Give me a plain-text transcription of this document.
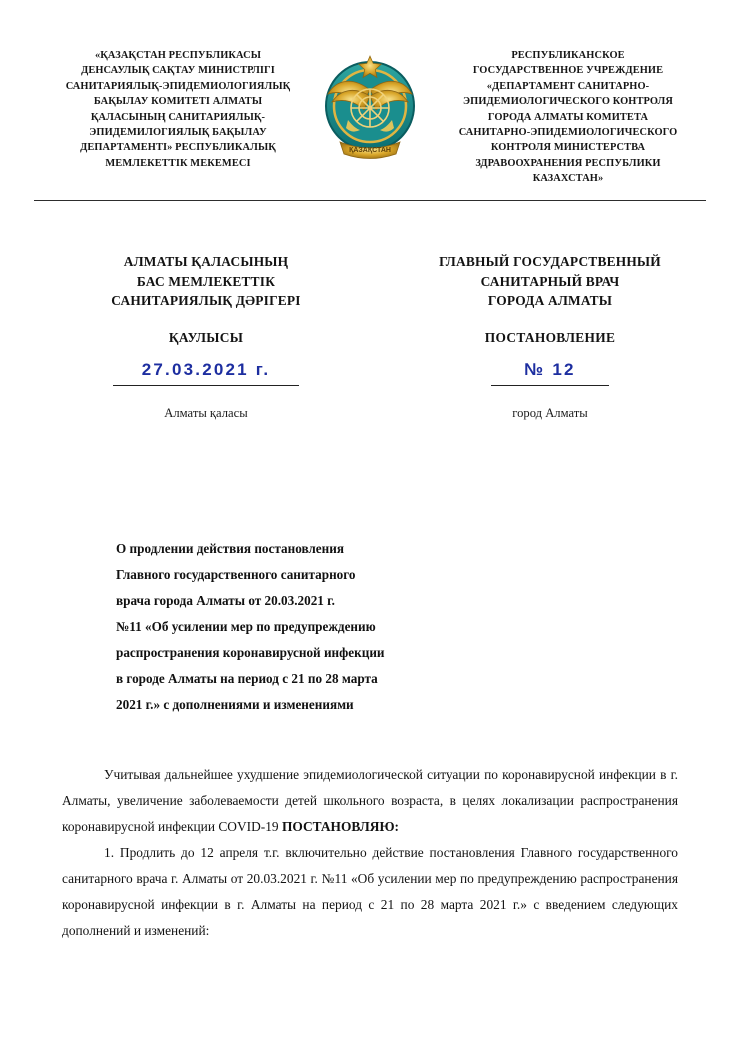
«ҚАЗАҚСТАН РЕСПУБЛИКАСЫ
ДЕНСАУЛЫҚ САҚТАУ МИНИСТРЛІГІ
САНИТАРИЯЛЫҚ-ЭПИДЕМИОЛОГИЯЛЫҚ
БАҚЫЛАУ КОМИТЕТІ АЛМАТЫ
ҚАЛАСЫНЫҢ САНИТАРИЯЛЫҚ-
ЭПИДЕМИЛОГИЯЛЫҚ БАҚЫЛАУ
ДЕПАРТАМЕНТІ» РЕСПУБЛИКАЛЫҚ
МЕМЛЕКЕТТІК МЕКЕМЕСІ
РЕСПУБЛИКАНСКОЕ
ГОСУДАРСТВЕННОЕ УЧРЕЖДЕНИЕ
«ДЕПАРТАМЕНТ САНИТАРНО-
ЭПИДЕМИОЛОГИЧЕСКОГО КОНТРОЛЯ
ГОРОДА АЛМАТЫ КОМИТЕТА
САНИТАРНО-ЭПИДЕМИОЛОГИЧЕСКОГО
КОНТРОЛЯ МИНИСТЕРСТВА
ЗДРАВООХРАНЕНИЯ РЕСПУБЛИКИ
КАЗАХСТАН»
ҚАЗАҚСТАН
АЛМАТЫ ҚАЛАСЫНЫҢ
БАС МЕМЛЕКЕТТІК
САНИТАРИЯЛЫҚ ДӘРІГЕРІ
ҚАУЛЫСЫ
27.03.2021 г.
Алматы қаласы
ГЛАВНЫЙ ГОСУДАРСТВЕННЫЙ
САНИТАРНЫЙ ВРАЧ
ГОРОДА АЛМАТЫ
ПОСТАНОВЛЕНИЕ
№ 12
город Алматы
О продлении действия постановления
Главного государственного санитарного
врача города Алматы от 20.03.2021 г.
№11 «Об усилении мер по предупреждению
распространения коронавирусной инфекции
в городе Алматы на период с 21 по 28 марта
2021 г.» с дополнениями и изменениями

Учитывая дальнейшее ухудшение эпидемиологической ситуации по коронавирусной инфекции в г. Алматы, увеличение заболеваемости детей школьного возраста, в целях локализации распространения коронавирусной инфекции COVID-19 ПОСТАНОВЛЯЮ:

1. Продлить до 12 апреля т.г. включительно действие постановления Главного государственного санитарного врача г. Алматы от 20.03.2021 г. №11 «Об усилении мер по предупреждению распространения коронавирусной инфекции в г. Алматы на период с 21 по 28 марта 2021 г.» с введением следующих дополнений и изменений:
